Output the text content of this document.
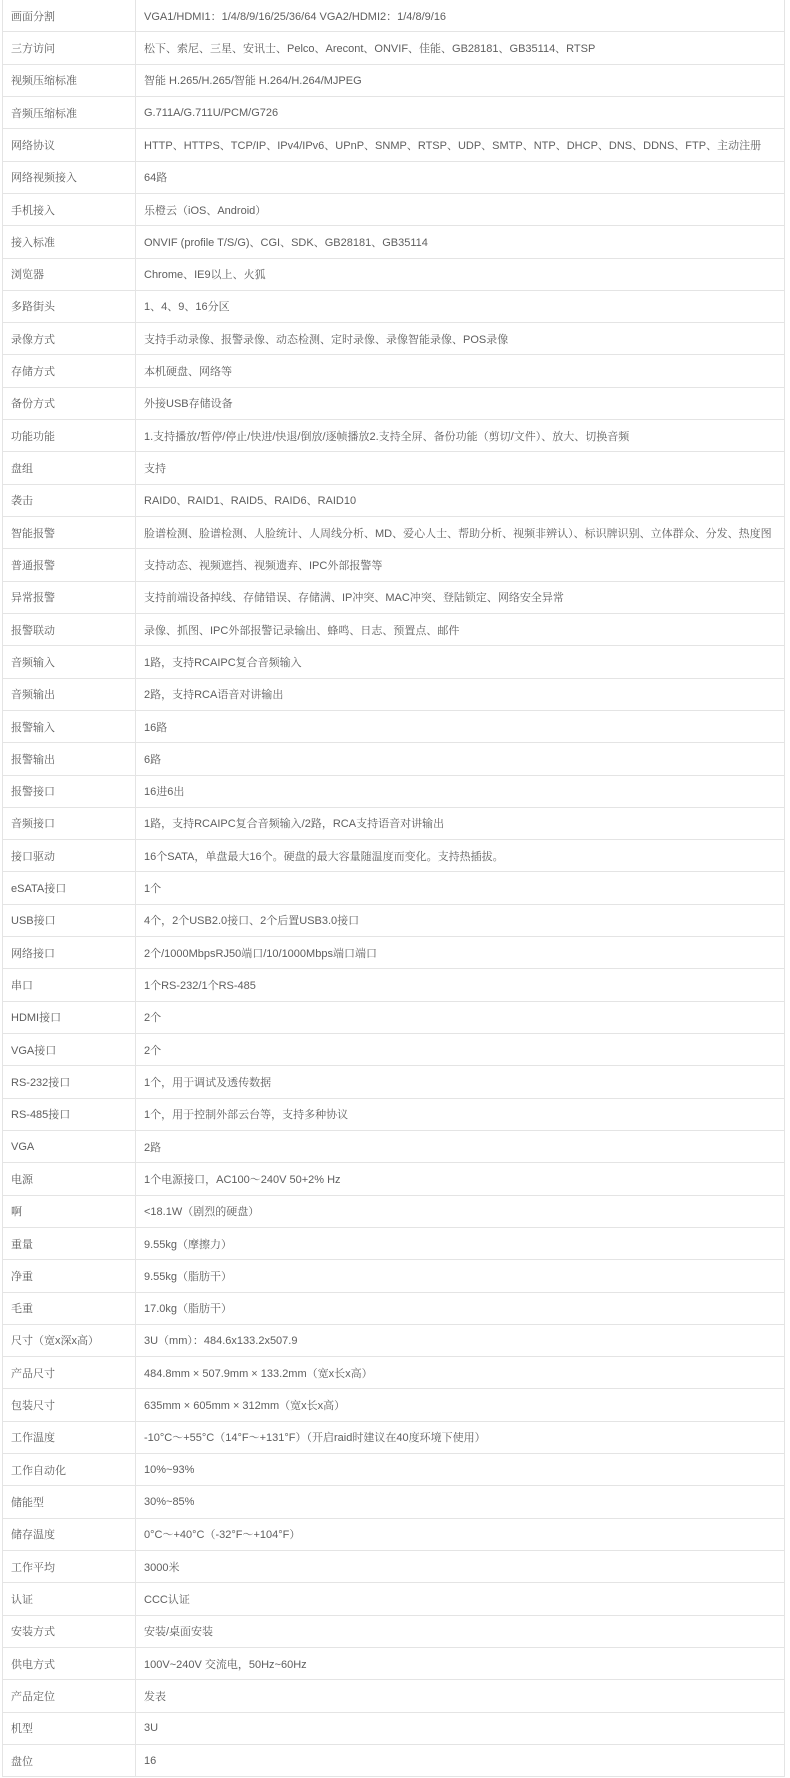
画面分割	VGA1/HDMI1：1/4/8/9/16/25/36/64 VGA2/HDMI2：1/4/8/9/16
三方访问	松下、索尼、三星、安讯士、Pelco、Arecont、ONVIF、佳能、GB28181、GB35114、RTSP
视频压缩标准	智能 H.265/H.265/智能 H.264/H.264/MJPEG
音频压缩标准	G.711A/G.711U/PCM/G726
网络协议	HTTP、HTTPS、TCP/IP、IPv4/IPv6、UPnP、SNMP、RTSP、UDP、SMTP、NTP、DHCP、DNS、DDNS、FTP、主动注册
网络视频接入	64路
手机接入	乐橙云（iOS、Android）
接入标准	ONVIF (profile T/S/G)、CGI、SDK、GB28181、GB35114
浏览器	Chrome、IE9以上、火狐
多路街头	1、4、9、16分区
录像方式	支持手动录像、报警录像、动态检测、定时录像、录像智能录像、POS录像
存储方式	本机硬盘、网络等
备份方式	外接USB存储设备
功能功能	1.支持播放/暂停/停止/快进/快退/倒放/逐帧播放2.支持全屏、备份功能（剪切/文件）、放大、切换音频
盘组	支持
袭击	RAID0、RAID1、RAID5、RAID6、RAID10
智能报警	脸谱检测、脸谱检测、人脸统计、人周线分析、MD、爱心人士、帮助分析、视频非辨认）、标识牌识别、立体群众、分发、热度图
普通报警	支持动态、视频遮挡、视频遗弃、IPC外部报警等
异常报警	支持前端设备掉线、存储错误、存储满、IP冲突、MAC冲突、登陆锁定、网络安全异常
报警联动	录像、抓图、IPC外部报警记录输出、蜂鸣、日志、预置点、邮件
音频输入	1路，支持RCAIPC复合音频输入
音频输出	2路，支持RCA语音对讲输出
报警输入	16路
报警输出	6路
报警接口	16进6出
音频接口	1路，支持RCAIPC复合音频输入/2路，RCA支持语音对讲输出
接口驱动	16个SATA，单盘最大16个。硬盘的最大容量随温度而变化。支持热插拔。
eSATA接口	1个
USB接口	4个，2个USB2.0接口、2个后置USB3.0接口
网络接口	2个/1000MbpsRJ50端口/10/1000Mbps端口端口
串口	1个RS-232/1个RS-485
HDMI接口	2个
VGA接口	2个
RS-232接口	1个，用于调试及透传数据
RS-485接口	1个，用于控制外部云台等，支持多种协议
VGA	2路
电源	1个电源接口，AC100～240V 50+2% Hz
啊	<18.1W（剧烈的硬盘）
重量	9.55kg（摩擦力）
净重	9.55kg（脂肪干）
毛重	17.0kg（脂肪干）
尺寸（宽x深x高）	3U（mm）：484.6x133.2x507.9
产品尺寸	484.8mm × 507.9mm × 133.2mm（宽x长x高）
包装尺寸	635mm × 605mm × 312mm（宽x长x高）
工作温度	-10°C～+55°C（14°F～+131°F）（开启raid时建议在40度环境下使用）
工作自动化	10%~93%
储能型	30%~85%
储存温度	0°C～+40°C（-32°F～+104°F）
工作平均	3000米
认证	CCC认证
安装方式	安装/桌面安装
供电方式	100V~240V 交流电，50Hz~60Hz
产品定位	发表
机型	3U
盘位	16
